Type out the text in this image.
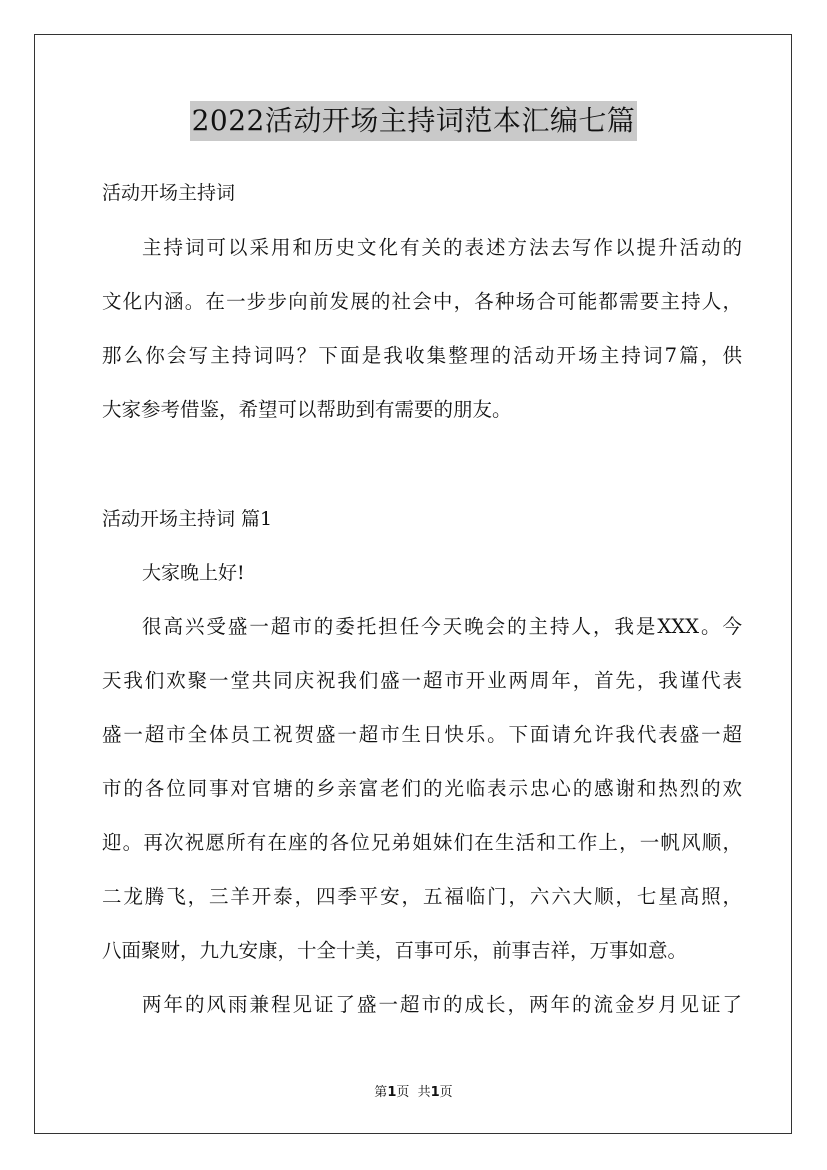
2022活动开场主持词范本汇编七篇
活动开场主持词
主持词可以采用和历史文化有关的表述方法去写作以提升活动的
文化内涵。在一步步向前发展的社会中，各种场合可能都需要主持人，
那么你会写主持词吗？下面是我收集整理的活动开场主持词7篇，供
大家参考借鉴，希望可以帮助到有需要的朋友。
活动开场主持词 篇1
大家晚上好!
很高兴受盛一超市的委托担任今天晚会的主持人，我是XXX。今
天我们欢聚一堂共同庆祝我们盛一超市开业两周年，首先，我谨代表
盛一超市全体员工祝贺盛一超市生日快乐。下面请允许我代表盛一超
市的各位同事对官塘的乡亲富老们的光临表示忠心的感谢和热烈的欢
迎。再次祝愿所有在座的各位兄弟姐妹们在生活和工作上，一帆风顺，
二龙腾飞，三羊开泰，四季平安，五福临门，六六大顺，七星高照，
八面聚财，九九安康，十全十美，百事可乐，前事吉祥，万事如意。
两年的风雨兼程见证了盛一超市的成长，两年的流金岁月见证了
第1页  共1页
